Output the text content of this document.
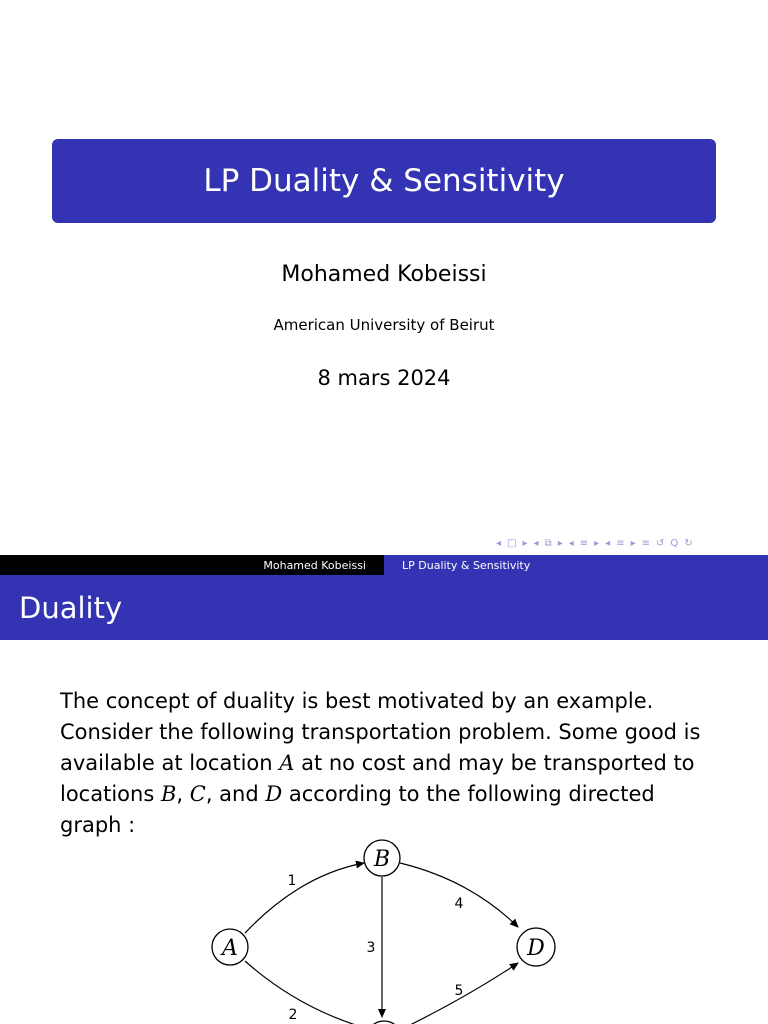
LP Duality & Sensitivity
Mohamed Kobeissi
American University of Beirut
8 mars 2024
◂ □ ▸ ◂ ⧉ ▸ ◂ ≡ ▸ ◂ ≡ ▸ ≡ ↺ Q ↻
Mohamed Kobeissi	LP Duality & Sensitivity
Duality
The concept of duality is best motivated by an example.
Consider the following transportation problem. Some good is
available at location A at no cost and may be transported to
locations B, C, and D according to the following directed
graph :
A
B
D
1
2
3
4
5
